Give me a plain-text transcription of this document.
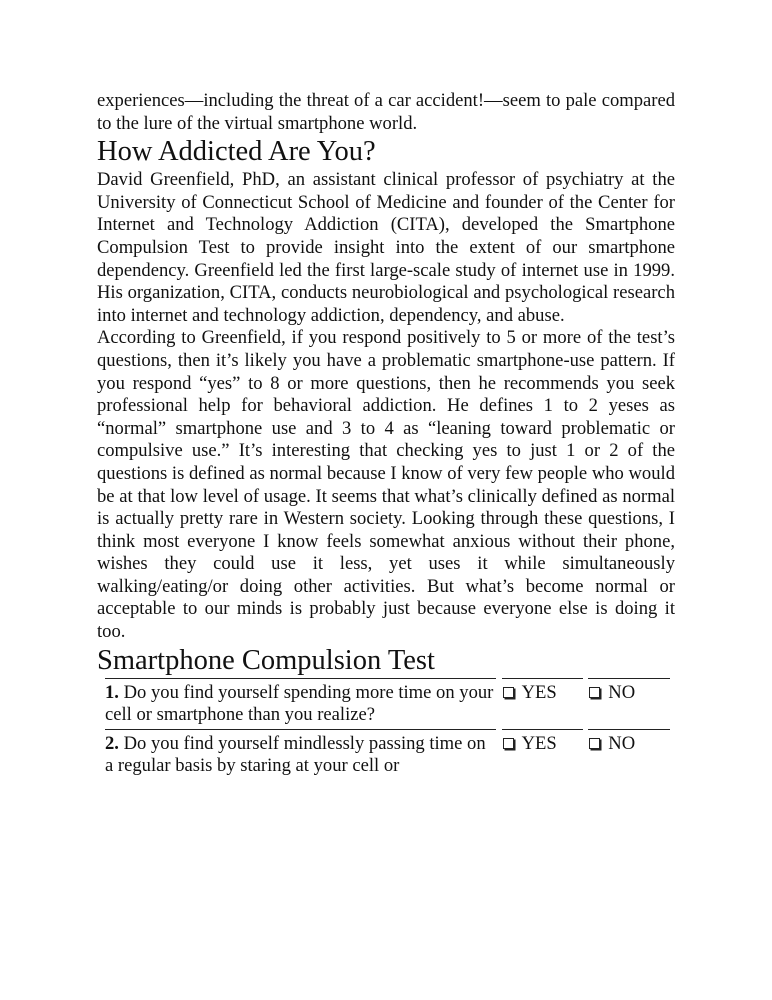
experiences—including the threat of a car accident!—seem to pale compared to the lure of the virtual smartphone world.

How Addicted Are You?

David Greenfield, PhD, an assistant clinical professor of psychiatry at the University of Connecticut School of Medicine and founder of the Center for Internet and Technology Addiction (CITA), developed the Smartphone Compulsion Test to provide insight into the extent of our smartphone dependency. Greenfield led the first large-scale study of internet use in 1999. His organization, CITA, conducts neurobiological and psychological research into internet and technology addiction, dependency, and abuse.

According to Greenfield, if you respond positively to 5 or more of the test’s questions, then it’s likely you have a problematic smartphone-use pattern. If you respond “yes” to 8 or more questions, then he recommends you seek professional help for behavioral addiction. He defines 1 to 2 yeses as “normal” smartphone use and 3 to 4 as “leaning toward problematic or compulsive use.” It’s interesting that checking yes to just 1 or 2 of the questions is defined as normal because I know of very few people who would be at that low level of usage. It seems that what’s clinically defined as normal is actually pretty rare in Western society. Looking through these questions, I think most everyone I know feels somewhat anxious without their phone, wishes they could use it less, yet uses it while simultaneously walking/eating/or doing other activities. But what’s become normal or acceptable to our minds is probably just because everyone else is doing it too.

Smartphone Compulsion Test
1. Do you find yourself spending more time on your cell or smartphone than you realize?
YES	NO
2. Do you find yourself mindlessly passing time on a regular basis by staring at your cell or
YES	NO
